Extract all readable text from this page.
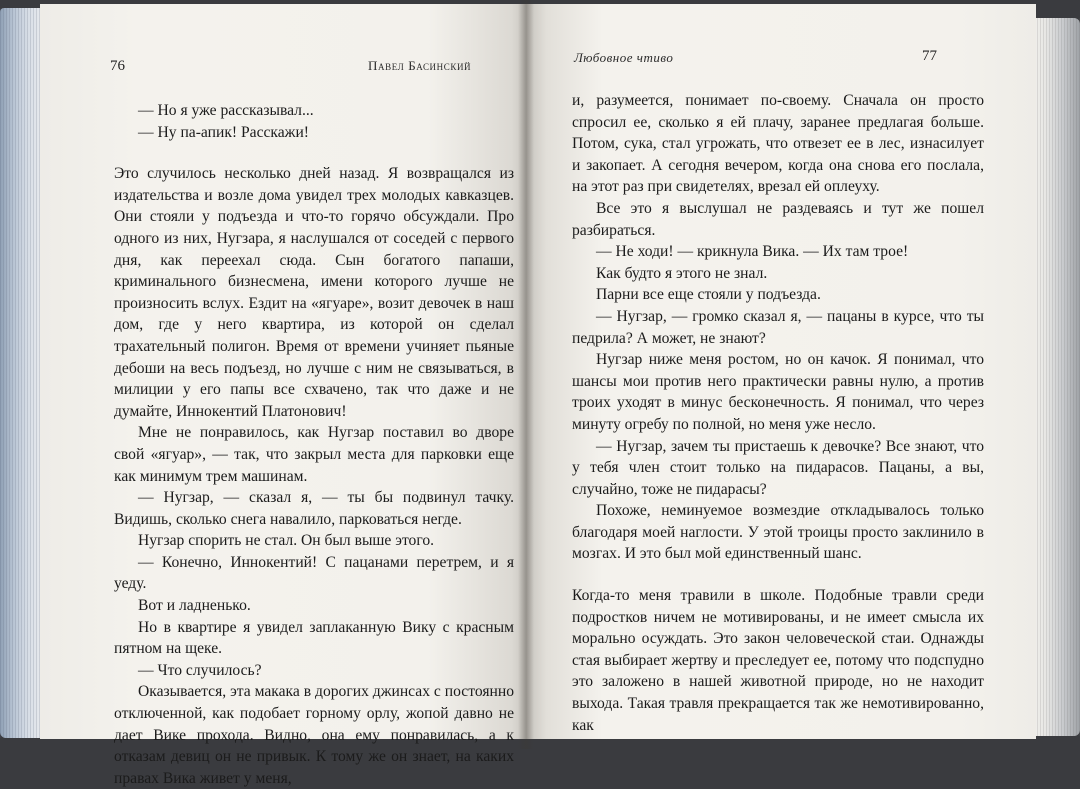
76	Павел Басинский

— Но я уже рассказывал...

— Ну па-апик! Расскажи!

Это случилось несколько дней назад. Я возвращался из издательства и возле дома увидел трех молодых кавказцев. Они стояли у подъезда и что-то горячо обсуждали. Про одного из них, Нугзара, я наслушался от соседей с первого дня, как переехал сюда. Сын богатого папаши, криминального бизнесмена, имени которого лучше не произносить вслух. Ездит на «ягуаре», возит девочек в наш дом, где у него квартира, из которой он сделал трахательный полигон. Время от времени учиняет пьяные дебоши на весь подъезд, но лучше с ним не связываться, в милиции у его папы все схвачено, так что даже и не думайте, Иннокентий Платонович!

Мне не понравилось, как Нугзар поставил во дворе свой «ягуар», — так, что закрыл места для парковки еще как минимум трем машинам.

— Нугзар, — сказал я, — ты бы подвинул тачку. Видишь, сколько снега навалило, парковаться негде.

Нугзар спорить не стал. Он был выше этого.

— Конечно, Иннокентий! С пацанами перетрем, и я уеду.

Вот и ладненько.

Но в квартире я увидел заплаканную Вику с красным пятном на щеке.

— Что случилось?

Оказывается, эта макака в дорогих джинсах с постоянно отключенной, как подобает горному орлу, жопой давно не дает Вике прохода. Видно, она ему понравилась, а к отказам девиц он не привык. К тому же он знает, на каких правах Вика живет у меня,

Любовное чтиво	77

и, разумеется, понимает по-своему. Сначала он просто спросил ее, сколько я ей плачу, заранее предлагая больше. Потом, сука, стал угрожать, что отвезет ее в лес, изнасилует и закопает. А сегодня вечером, когда она снова его послала, на этот раз при свидетелях, врезал ей оплеуху.

Все это я выслушал не раздеваясь и тут же пошел разбираться.

— Не ходи! — крикнула Вика. — Их там трое!

Как будто я этого не знал.

Парни все еще стояли у подъезда.

— Нугзар, — громко сказал я, — пацаны в курсе, что ты педрила? А может, не знают?

Нугзар ниже меня ростом, но он качок. Я понимал, что шансы мои против него практически равны нулю, а против троих уходят в минус бесконечность. Я понимал, что через минуту огребу по полной, но меня уже несло.

— Нугзар, зачем ты пристаешь к девочке? Все знают, что у тебя член стоит только на пидарасов. Пацаны, а вы, случайно, тоже не пидарасы?

Похоже, неминуемое возмездие откладывалось только благодаря моей наглости. У этой троицы просто заклинило в мозгах. И это был мой единственный шанс.

Когда-то меня травили в школе. Подобные травли среди подростков ничем не мотивированы, и не имеет смысла их морально осуждать. Это закон человеческой стаи. Однажды стая выбирает жертву и преследует ее, потому что подспудно это заложено в нашей животной природе, но не находит выхода. Такая травля прекращается так же немотивированно, как
